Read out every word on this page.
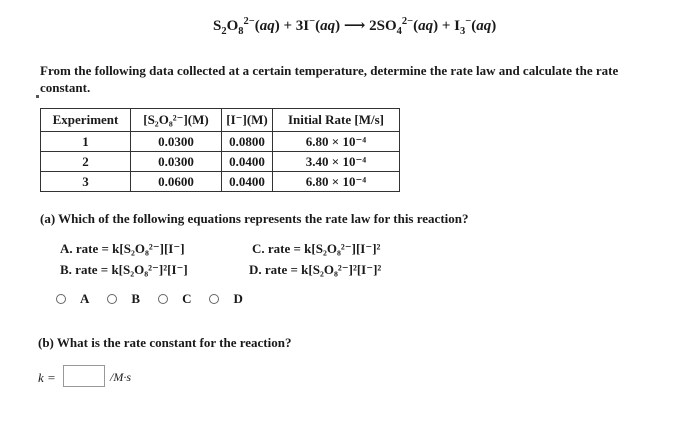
$S_2O_8^{2-}(aq) + 3I^-(aq)$ ⟶ $2SO_4^{2-}(aq) + I_3^-(aq)$
From the following data collected at a certain temperature, determine the rate law and calculate the rate constant.
Experiment	[S₂O₈²⁻](M)	[I⁻](M)	Initial Rate [M/s]
1	0.0300	0.0800	6.80 × 10⁻⁴
2	0.0300	0.0400	3.40 × 10⁻⁴
3	0.0600	0.0400	6.80 × 10⁻⁴
(a) Which of the following equations represents the rate law for this reaction?
A. rate = k[S₂O₈²⁻][I⁻]
B. rate = k[S₂O₈²⁻]²[I⁻]
C. rate = k[S₂O₈²⁻][I⁻]²
D. rate = k[S₂O₈²⁻]²[I⁻]²
A	B	C	D
(b) What is the rate constant for the reaction?
k =	/M·s
